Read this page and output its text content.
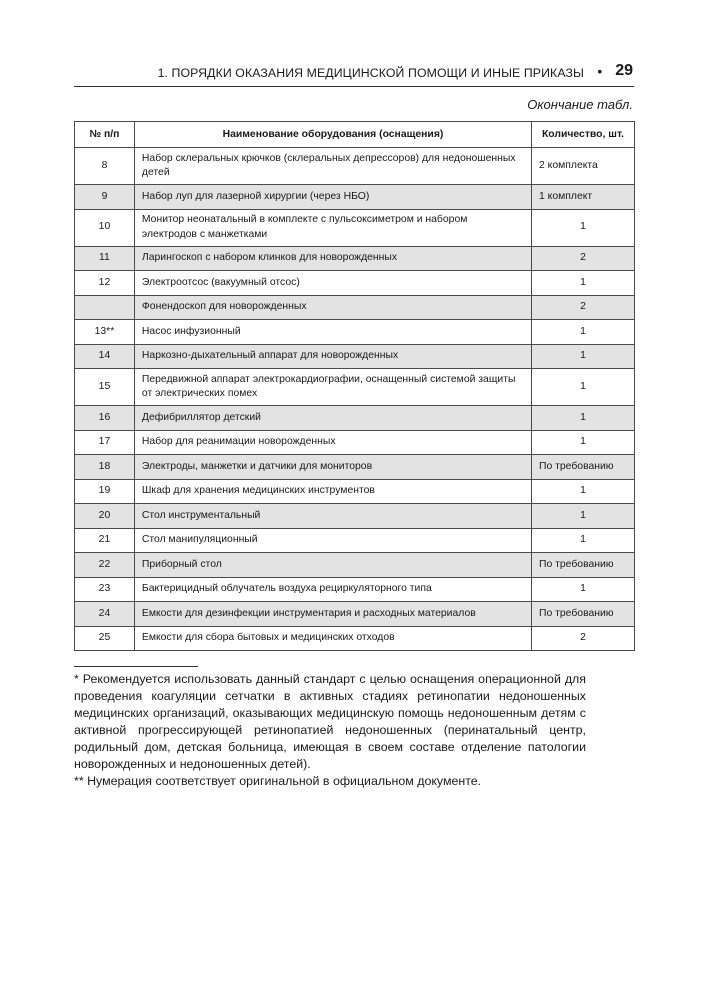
1. ПОРЯДКИ ОКАЗАНИЯ МЕДИЦИНСКОЙ ПОМОЩИ И ИНЫЕ ПРИКАЗЫ • 29
Окончание табл.
№ п/п	Наименование оборудования (оснащения)	Количество, шт.
8	Набор склеральных крючков (склеральных депрессоров) для недоношенных детей	2 комплекта
9	Набор луп для лазерной хирургии (через НБО)	1 комплект
10	Монитор неонатальный в комплекте с пульсоксиметром и набором электродов с манжетками	1
11	Ларингоскоп с набором клинков для новорожденных	2
12	Электроотсос (вакуумный отсос)	1
	Фонендоскоп для новорожденных	2
13**	Насос инфузионный	1
14	Наркозно-дыхательный аппарат для новорожденных	1
15	Передвижной аппарат электрокардиографии, оснащенный системой защиты от электрических помех	1
16	Дефибриллятор детский	1
17	Набор для реанимации новорожденных	1
18	Электроды, манжетки и датчики для мониторов	По требованию
19	Шкаф для хранения медицинских инструментов	1
20	Стол инструментальный	1
21	Стол манипуляционный	1
22	Приборный стол	По требованию
23	Бактерицидный облучатель воздуха рециркуляторного типа	1
24	Емкости для дезинфекции инструментария и расходных материалов	По требованию
25	Емкости для сбора бытовых и медицинских отходов	2

* Рекомендуется использовать данный стандарт с целью оснащения операционной для проведения коагуляции сетчатки в активных стадиях ретинопатии недоношенных медицинских организаций, оказывающих медицинскую помощь недоношенным детям с активной прогрессирующей ретинопатией недоношенных (перинатальный центр, родильный дом, детская больница, имеющая в своем составе отделение патологии новорожденных и недоношенных детей).

** Нумерация соответствует оригинальной в официальном документе.
